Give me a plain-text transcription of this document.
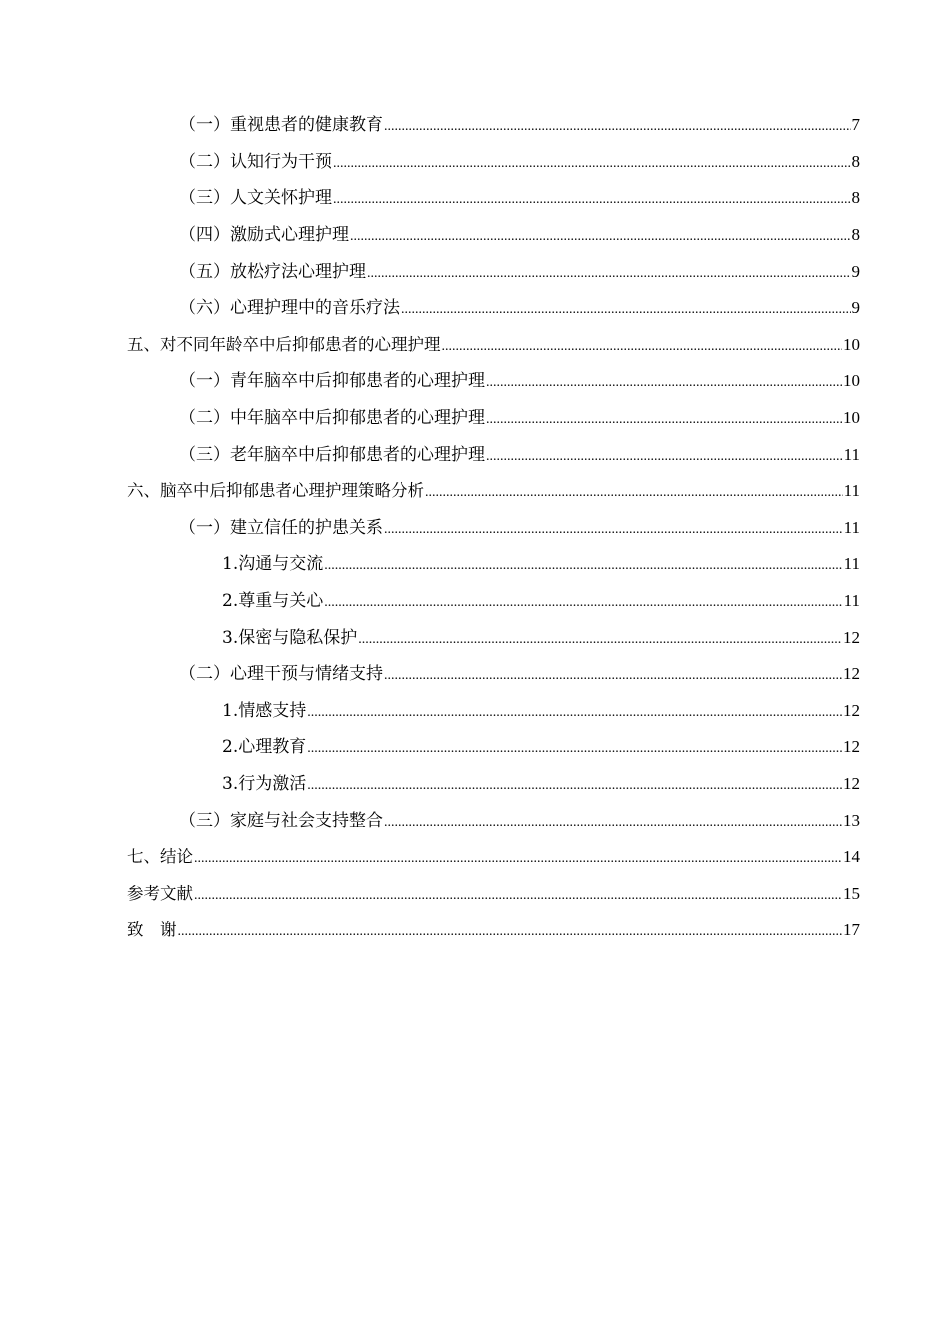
（一）重视患者的健康教育 .....	7
（二）认知行为干预 .....	8
（三）人文关怀护理 .....	8
（四）激励式心理护理 .....	8
（五）放松疗法心理护理 .....	9
（六）心理护理中的音乐疗法 .....	9
五、对不同年龄卒中后抑郁患者的心理护理 .....	10
（一）青年脑卒中后抑郁患者的心理护理 .....	10
（二）中年脑卒中后抑郁患者的心理护理 .....	10
（三）老年脑卒中后抑郁患者的心理护理 .....	11
六、脑卒中后抑郁患者心理护理策略分析 .....	11
（一）建立信任的护患关系 .....	11
1.沟通与交流 .....	11
2.尊重与关心 .....	11
3.保密与隐私保护 .....	12
（二）心理干预与情绪支持 .....	12
1.情感支持 .....	12
2.心理教育 .....	12
3.行为激活 .....	12
（三）家庭与社会支持整合 .....	13
七、结论 .....	14
参考文献 .....	15
致　谢 .....	17
